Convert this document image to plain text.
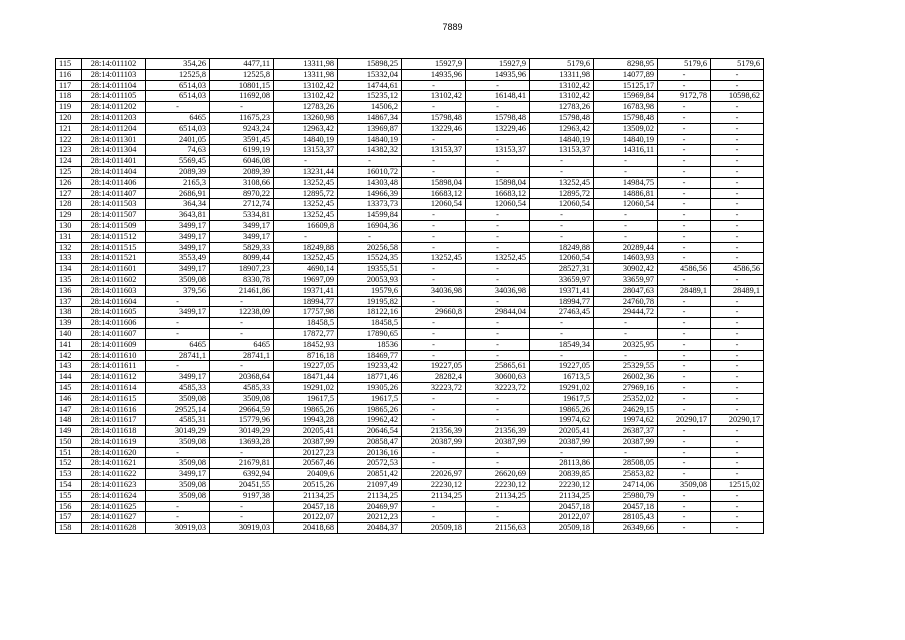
7889
115	28:14:011102	354,26	4477,11	13311,98	15898,25	15927,9	15927,9	5179,6	8298,95	5179,6	5179,6
116	28:14:011103	12525,8	12525,8	13311,98	15332,04	14935,96	14935,96	13311,98	14077,89	-	-
117	28:14:011104	6514,03	10801,15	13102,42	14744,61	-	-	13102,42	15125,17	-	-
118	28:14:011105	6514,03	11692,08	13102,42	15235,12	13102,42	16148,41	13102,42	15969,84	9172,78	10598,62
119	28:14:011202	-	-	12783,26	14506,2	-	-	12783,26	16783,98	-	-
120	28:14:011203	6465	11675,23	13260,98	14867,34	15798,48	15798,48	15798,48	15798,48	-	-
121	28:14:011204	6514,03	9243,24	12963,42	13969,87	13229,46	13229,46	12963,42	13509,02	-	-
122	28:14:011301	2401,05	3591,45	14840,19	14840,19	-	-	14840,19	14840,19	-	-
123	28:14:011304	74,63	6199,19	13153,37	14382,32	13153,37	13153,37	13153,37	14316,11	-	-
124	28:14:011401	5569,45	6046,08	-	-	-	-	-	-	-	-
125	28:14:011404	2089,39	2089,39	13231,44	16010,72	-	-	-	-	-	-
126	28:14:011406	2165,3	3108,66	13252,45	14303,48	15898,04	15898,04	13252,45	14984,75	-	-
127	28:14:011407	2686,91	8970,22	12895,72	14966,39	16683,12	16683,12	12895,72	14886,81	-	-
128	28:14:011503	364,34	2712,74	13252,45	13373,73	12060,54	12060,54	12060,54	12060,54	-	-
129	28:14:011507	3643,81	5334,81	13252,45	14599,84	-	-	-	-	-	-
130	28:14:011509	3499,17	3499,17	16609,8	16904,36	-	-	-	-	-	-
131	28:14:011512	3499,17	3499,17	-	-	-	-	-	-	-	-
132	28:14:011515	3499,17	5829,33	18249,88	20256,58	-	-	18249,88	20289,44	-	-
133	28:14:011521	3553,49	8099,44	13252,45	15524,35	13252,45	13252,45	12060,54	14603,93	-	-
134	28:14:011601	3499,17	18907,23	4690,14	19355,51	-	-	28527,31	30902,42	4586,56	4586,56
135	28:14:011602	3509,08	8330,78	19697,09	20053,93	-	-	33659,97	33659,97	-	-
136	28:14:011603	379,56	21461,86	19371,41	19579,6	34036,98	34036,98	19371,41	28047,63	28489,1	28489,1
137	28:14:011604	-	-	18994,77	19195,82	-	-	18994,77	24760,78	-	-
138	28:14:011605	3499,17	12238,09	17757,98	18122,16	29660,8	29844,04	27463,45	29444,72	-	-
139	28:14:011606	-	-	18458,5	18458,5	-	-	-	-	-	-
140	28:14:011607	-	-	17872,77	17890,65	-	-	-	-	-	-
141	28:14:011609	6465	6465	18452,93	18536	-	-	18549,34	20325,95	-	-
142	28:14:011610	28741,1	28741,1	8716,18	18469,77	-	-	-	-	-	-
143	28:14:011611	-	-	19227,05	19233,42	19227,05	25865,61	19227,05	25329,55	-	-
144	28:14:011612	3499,17	20368,64	18471,44	18771,46	28282,4	30600,63	16713,5	26002,36	-	-
145	28:14:011614	4585,33	4585,33	19291,02	19305,26	32223,72	32223,72	19291,02	27969,16	-	-
146	28:14:011615	3509,08	3509,08	19617,5	19617,5	-	-	19617,5	25352,02	-	-
147	28:14:011616	29525,14	29664,59	19865,26	19865,26	-	-	19865,26	24629,15	-	-
148	28:14:011617	4585,31	15779,96	19943,28	19962,42	-	-	19974,62	19974,62	20290,17	20290,17
149	28:14:011618	30149,29	30149,29	20205,41	20646,54	21356,39	21356,39	20205,41	26387,37	-	-
150	28:14:011619	3509,08	13693,28	20387,99	20858,47	20387,99	20387,99	20387,99	20387,99	-	-
151	28:14:011620	-	-	20127,23	20136,16	-	-	-	-	-	-
152	28:14:011621	3509,08	21679,81	20567,46	20572,53	-	-	28113,86	28508,05	-	-
153	28:14:011622	3499,17	6392,94	20409,6	20851,42	22026,97	26620,69	20839,85	25853,82	-	-
154	28:14:011623	3509,08	20451,55	20515,26	21097,49	22230,12	22230,12	22230,12	24714,06	3509,08	12515,02
155	28:14:011624	3509,08	9197,38	21134,25	21134,25	21134,25	21134,25	21134,25	25980,79	-	-
156	28:14:011625	-	-	20457,18	20469,97	-	-	20457,18	20457,18	-	-
157	28:14:011627	-	-	20122,07	20212,23	-	-	20122,07	28105,43	-	-
158	28:14:011628	30919,03	30919,03	20418,68	20484,37	20509,18	21156,63	20509,18	26349,66	-	-
